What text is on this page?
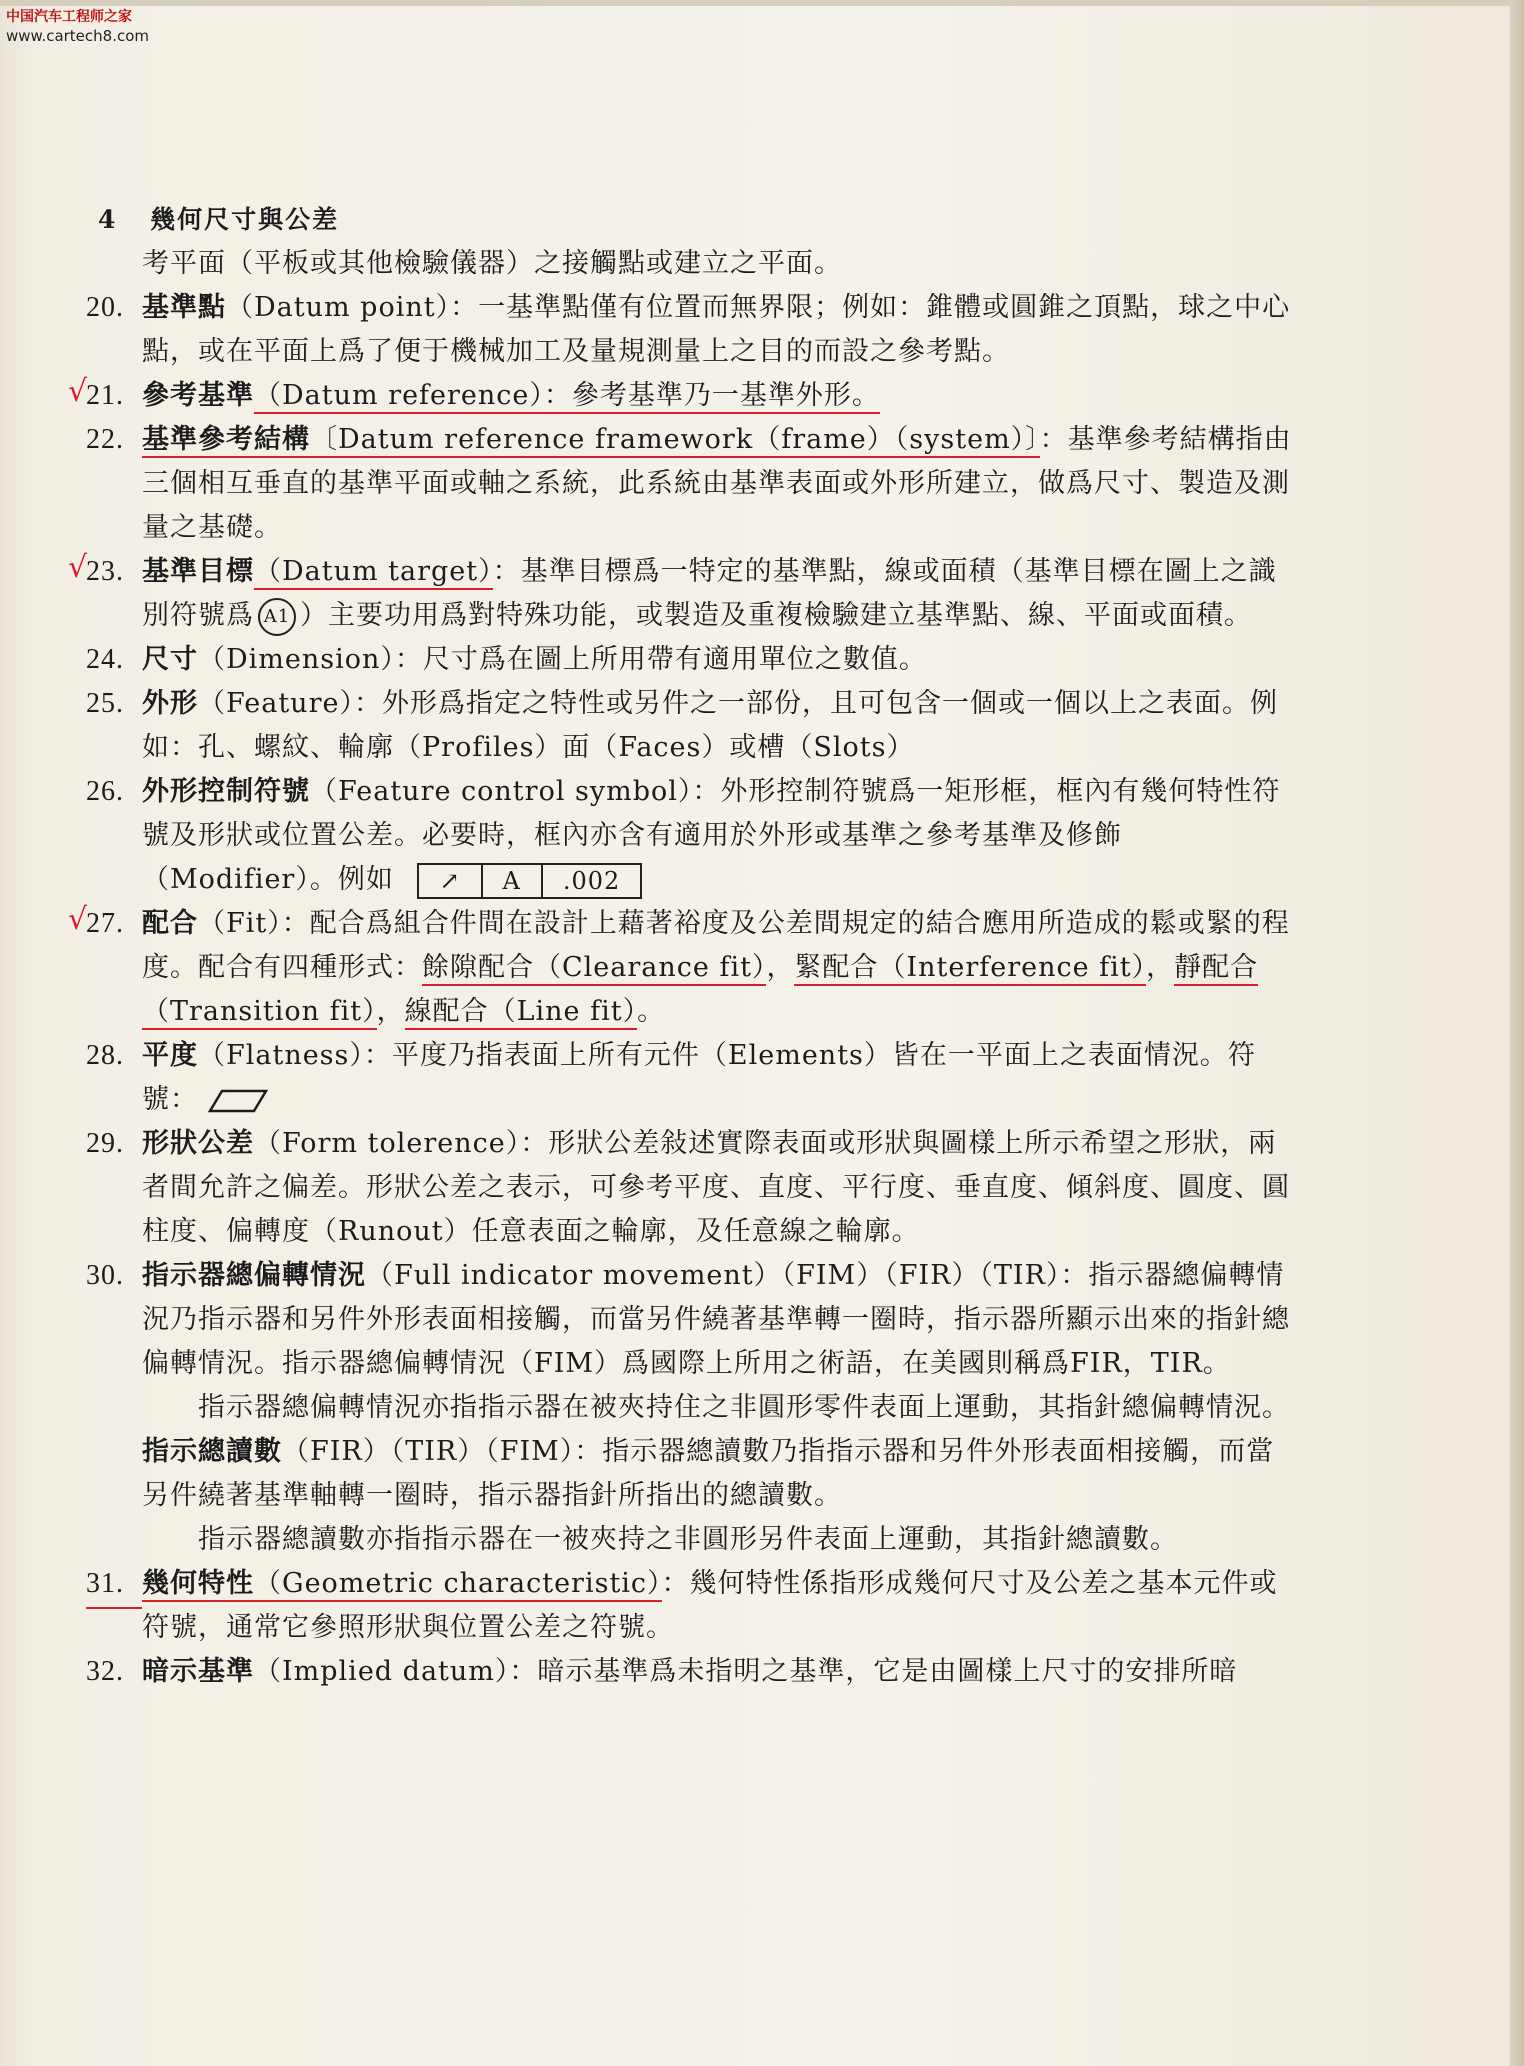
中国汽车工程师之家
www.cartech8.com
4 幾何尺寸與公差
考平面（平板或其他檢驗儀器）之接觸點或建立之平面。
20. 基準點（Datum point）：一基準點僅有位置而無界限；例如：錐體或圓錐之頂點，球之中心點，或在平面上爲了便于機械加工及量規測量上之目的而設之參考點。
√
21. 參考基準（Datum reference）：參考基準乃一基準外形。
22. 基準參考結構〔Datum reference framework（frame）（system）〕：基準參考結構指由三個相互垂直的基準平面或軸之系統，此系統由基準表面或外形所建立，做爲尺寸、製造及測量之基礎。
√
23. 基準目標（Datum target）：基準目標爲一特定的基準點，線或面積（基準目標在圖上之識別符號爲 A1 ）主要功用爲對特殊功能，或製造及重複檢驗建立基準點、線、平面或面積。
24. 尺寸（Dimension）：尺寸爲在圖上所用帶有適用單位之數值。
25. 外形（Feature）：外形爲指定之特性或另件之一部份，且可包含一個或一個以上之表面。例如：孔、螺紋、輪廓（Profiles）面（Faces）或槽（Slots）
26. 外形控制符號（Feature control symbol）：外形控制符號爲一矩形框，框內有幾何特性符號及形狀或位置公差。必要時，框內亦含有適用於外形或基準之參考基準及修飾（Modifier）。例如	↗	A	.002
√
27. 配合（Fit）：配合爲組合件間在設計上藉著裕度及公差間規定的結合應用所造成的鬆或緊的程度。配合有四種形式：餘隙配合（Clearance fit），緊配合（Interference fit），靜配合（Transition fit），線配合（Line fit）。
28. 平度（Flatness）：平度乃指表面上所有元件（Elements）皆在一平面上之表面情況。符號：
29. 形狀公差（Form tolerence）：形狀公差敍述實際表面或形狀與圖樣上所示希望之形狀，兩者間允許之偏差。形狀公差之表示，可參考平度、直度、平行度、垂直度、傾斜度、圓度、圓柱度、偏轉度（Runout）任意表面之輪廓，及任意線之輪廓。
30. 指示器總偏轉情況（Full indicator movement）（FIM）（FIR）（TIR）：指示器總偏轉情況乃指示器和另件外形表面相接觸，而當另件繞著基準轉一圈時，指示器所顯示出來的指針總偏轉情況。指示器總偏轉情況（FIM）爲國際上所用之術語，在美國則稱爲FIR，TIR。
指示器總偏轉情況亦指指示器在被夾持住之非圓形零件表面上運動，其指針總偏轉情況。
指示總讀數（FIR）（TIR）（FIM）：指示器總讀數乃指指示器和另件外形表面相接觸，而當另件繞著基準軸轉一圈時，指示器指針所指出的總讀數。
指示器總讀數亦指指示器在一被夾持之非圓形另件表面上運動，其指針總讀數。
31. 幾何特性（Geometric characteristic）：幾何特性係指形成幾何尺寸及公差之基本元件或符號，通常它參照形狀與位置公差之符號。
32. 暗示基準（Implied datum）：暗示基準爲未指明之基準，它是由圖樣上尺寸的安排所暗
